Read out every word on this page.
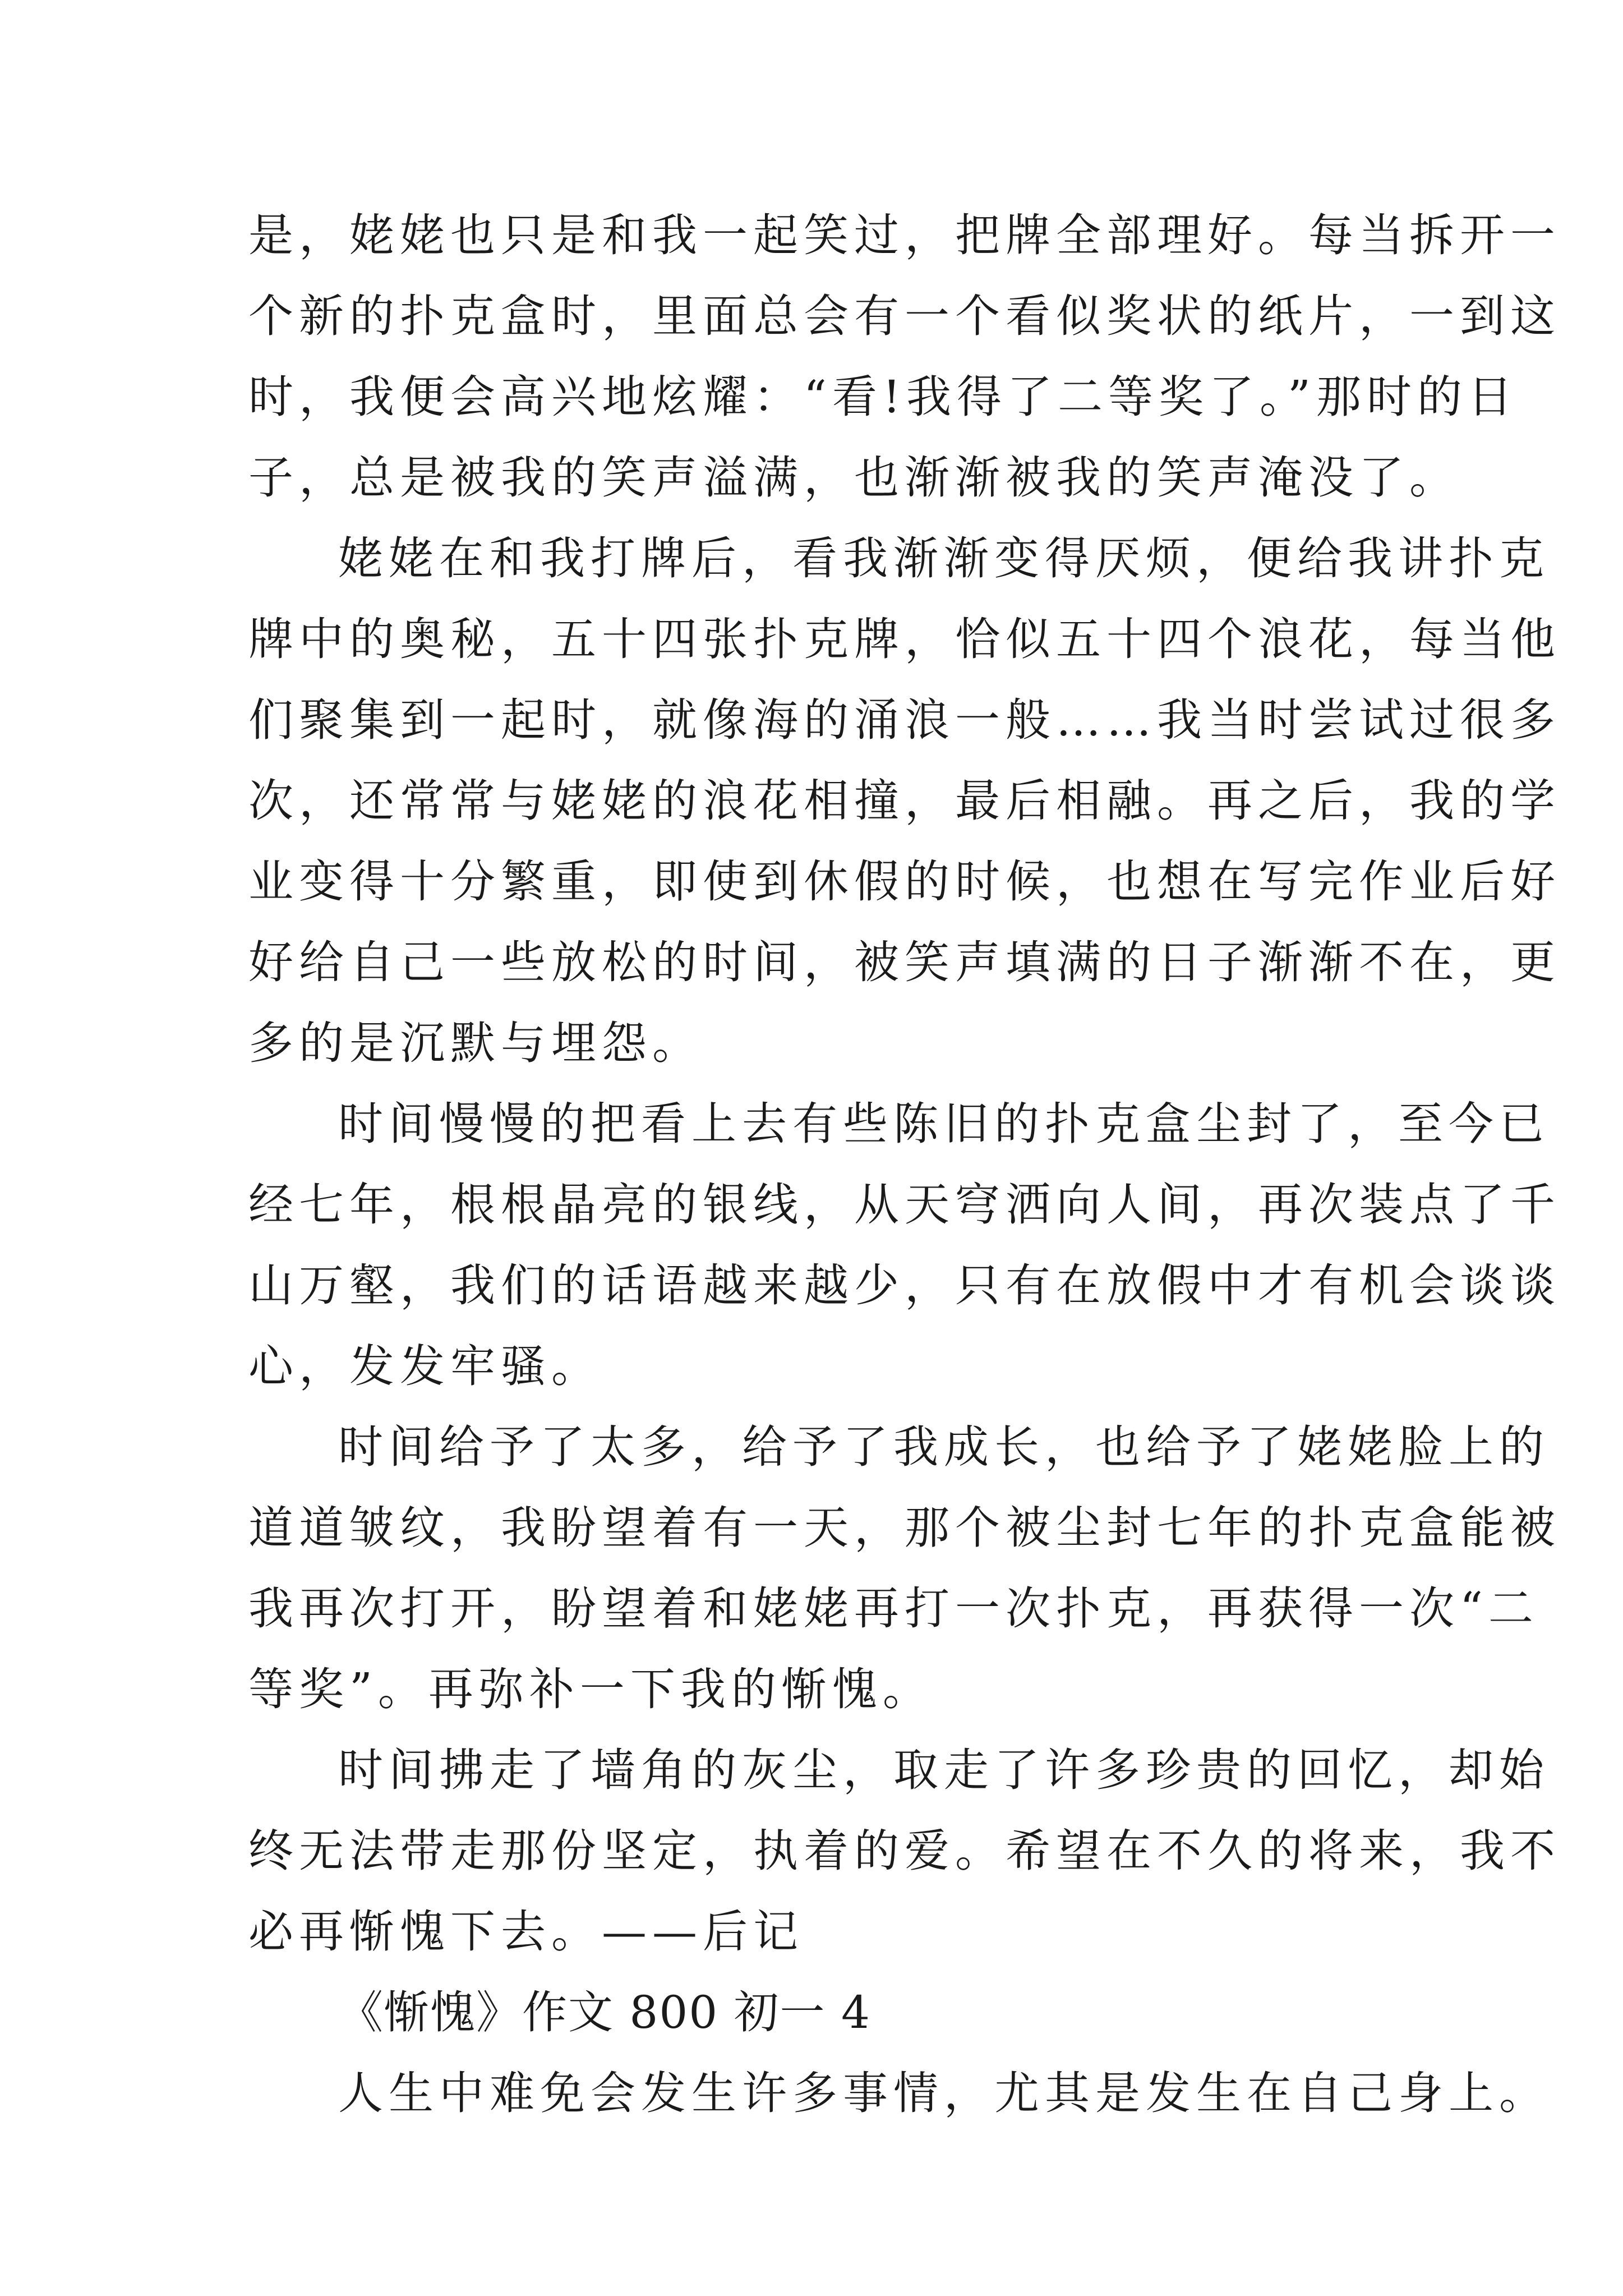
是，姥姥也只是和我一起笑过，把牌全部理好。每当拆开一
个新的扑克盒时，里面总会有一个看似奖状的纸片，一到这
时，我便会高兴地炫耀：“看!我得了二等奖了。”那时的日
子，总是被我的笑声溢满，也渐渐被我的笑声淹没了。
姥姥在和我打牌后，看我渐渐变得厌烦，便给我讲扑克
牌中的奥秘，五十四张扑克牌，恰似五十四个浪花，每当他
们聚集到一起时，就像海的涌浪一般……我当时尝试过很多
次，还常常与姥姥的浪花相撞，最后相融。再之后，我的学
业变得十分繁重，即使到休假的时候，也想在写完作业后好
好给自己一些放松的时间，被笑声填满的日子渐渐不在，更
多的是沉默与埋怨。
时间慢慢的把看上去有些陈旧的扑克盒尘封了，至今已
经七年，根根晶亮的银线，从天穹洒向人间，再次装点了千
山万壑，我们的话语越来越少，只有在放假中才有机会谈谈
心，发发牢骚。
时间给予了太多，给予了我成长，也给予了姥姥脸上的
道道皱纹，我盼望着有一天，那个被尘封七年的扑克盒能被
我再次打开，盼望着和姥姥再打一次扑克，再获得一次“二
等奖”。再弥补一下我的惭愧。
时间拂走了墙角的灰尘，取走了许多珍贵的回忆，却始
终无法带走那份坚定，执着的爱。希望在不久的将来，我不
必再惭愧下去。——后记
《惭愧》作文 800 初一 4
人生中难免会发生许多事情，尤其是发生在自己身上。
